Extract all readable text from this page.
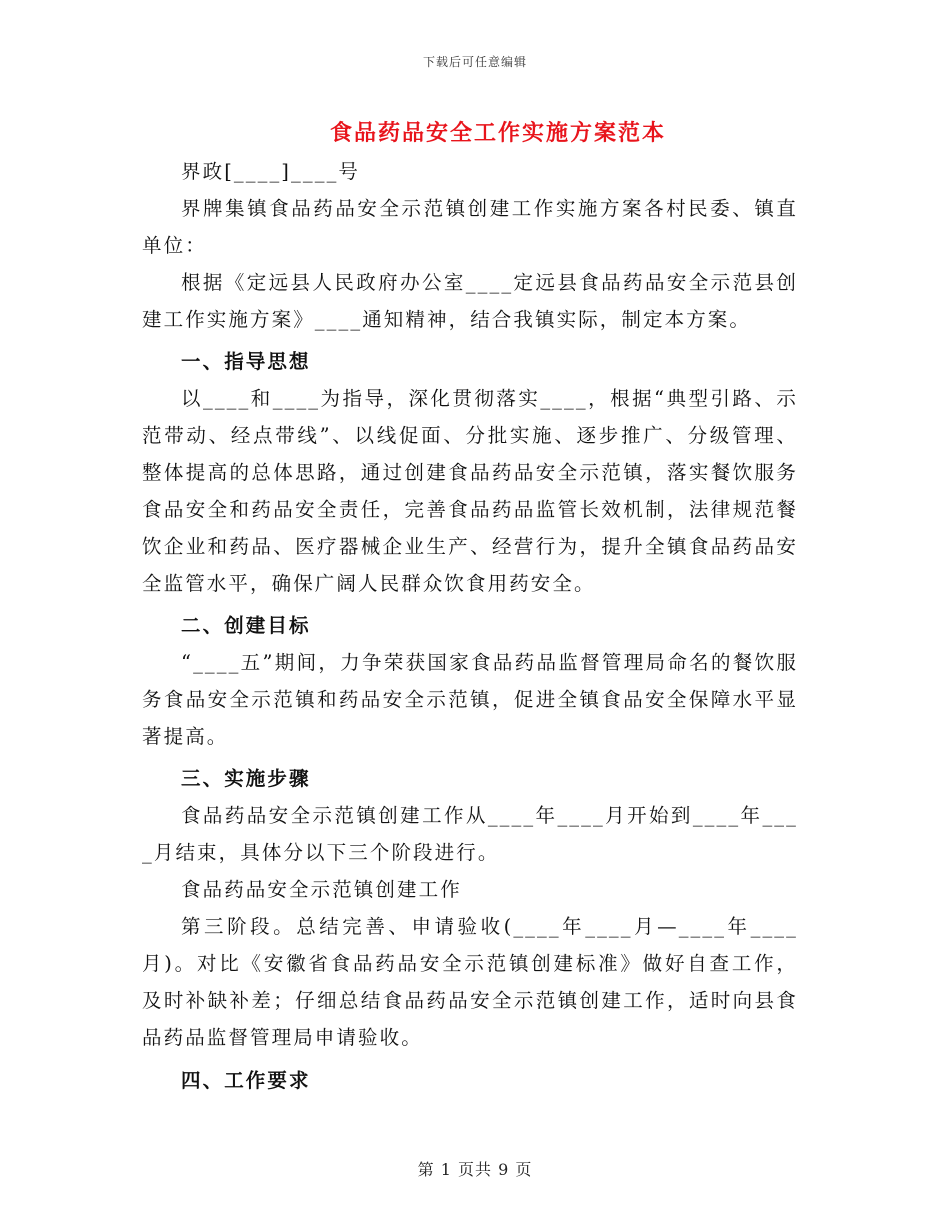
下载后可任意编辑
食品药品安全工作实施方案范本

界政[____]____号

界牌集镇食品药品安全示范镇创建工作实施方案各村民委、镇直单位：

根据《定远县人民政府办公室____定远县食品药品安全示范县创建工作实施方案》____通知精神，结合我镇实际，制定本方案。

一、指导思想

以____和____为指导，深化贯彻落实____，根据“典型引路、示范带动、经点带线”、以线促面、分批实施、逐步推广、分级管理、整体提高的总体思路，通过创建食品药品安全示范镇，落实餐饮服务食品安全和药品安全责任，完善食品药品监管长效机制，法律规范餐饮企业和药品、医疗器械企业生产、经营行为，提升全镇食品药品安全监管水平，确保广阔人民群众饮食用药安全。

二、创建目标

“____五”期间，力争荣获国家食品药品监督管理局命名的餐饮服务食品安全示范镇和药品安全示范镇，促进全镇食品安全保障水平显著提高。

三、实施步骤

食品药品安全示范镇创建工作从____年____月开始到____年____月结束，具体分以下三个阶段进行。

食品药品安全示范镇创建工作

第三阶段。总结完善、申请验收(____年____月—____年____月)。对比《安徽省食品药品安全示范镇创建标准》做好自查工作，及时补缺补差；仔细总结食品药品安全示范镇创建工作，适时向县食品药品监督管理局申请验收。

四、工作要求
第 1 页共 9 页
